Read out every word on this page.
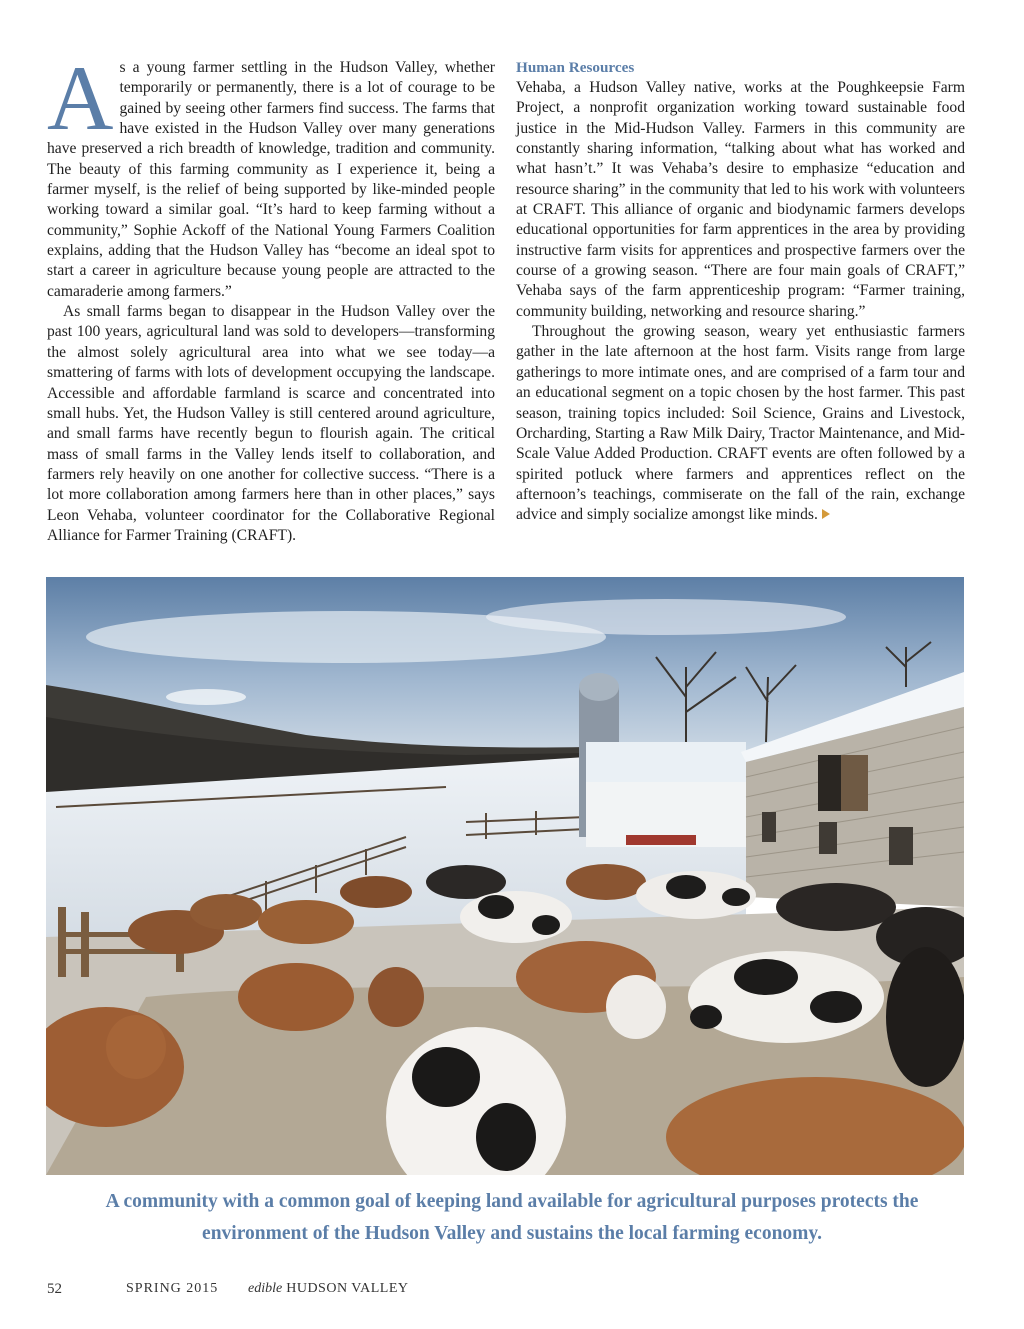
As a young farmer settling in the Hudson Valley, whether temporarily or permanently, there is a lot of courage to be gained by seeing other farmers find success. The farms that have existed in the Hudson Valley over many generations have preserved a rich breadth of knowledge, tradition and community. The beauty of this farming community as I experience it, being a farmer myself, is the relief of being supported by like-minded people working toward a similar goal. “It’s hard to keep farming without a community,” Sophie Ackoff of the National Young Farmers Coalition explains, adding that the Hudson Valley has “become an ideal spot to start a career in agriculture because young people are attracted to the camaraderie among farmers.”

As small farms began to disappear in the Hudson Valley over the past 100 years, agricultural land was sold to developers—transforming the almost solely agricultural area into what we see today—a smattering of farms with lots of development occupying the landscape. Accessible and affordable farmland is scarce and concentrated into small hubs. Yet, the Hudson Valley is still centered around agriculture, and small farms have recently begun to flourish again. The critical mass of small farms in the Valley lends itself to collaboration, and farmers rely heavily on one another for collective success. “There is a lot more collaboration among farmers here than in other places,” says Leon Vehaba, volunteer coordinator for the Collaborative Regional Alliance for Farmer Training (CRAFT).

Human Resources

Vehaba, a Hudson Valley native, works at the Poughkeepsie Farm Project, a nonprofit organization working toward sustainable food justice in the Mid-Hudson Valley. Farmers in this community are constantly sharing information, “talking about what has worked and what hasn’t.” It was Vehaba’s desire to emphasize “education and resource sharing” in the community that led to his work with volunteers at CRAFT. This alliance of organic and biodynamic farmers develops educational opportunities for farm apprentices in the area by providing instructive farm visits for apprentices and prospective farmers over the course of a growing season. “There are four main goals of CRAFT,” Vehaba says of the farm apprenticeship program: “Farmer training, community building, networking and resource sharing.”

Throughout the growing season, weary yet enthusiastic farmers gather in the late afternoon at the host farm. Visits range from large gatherings to more intimate ones, and are comprised of a farm tour and an educational segment on a topic chosen by the host farmer. This past season, training topics included: Soil Science, Grains and Livestock, Orcharding, Starting a Raw Milk Dairy, Tractor Maintenance, and Mid-Scale Value Added Production. CRAFT events are often followed by a spirited potluck where farmers and apprentices reflect on the afternoon’s teachings, commiserate on the fall of the rain, exchange advice and simply socialize amongst like minds.

A community with a common goal of keeping land available for agricultural purposes protects the environment of the Hudson Valley and sustains the local farming economy.
52	SPRING 2015 edible HUDSON VALLEY
